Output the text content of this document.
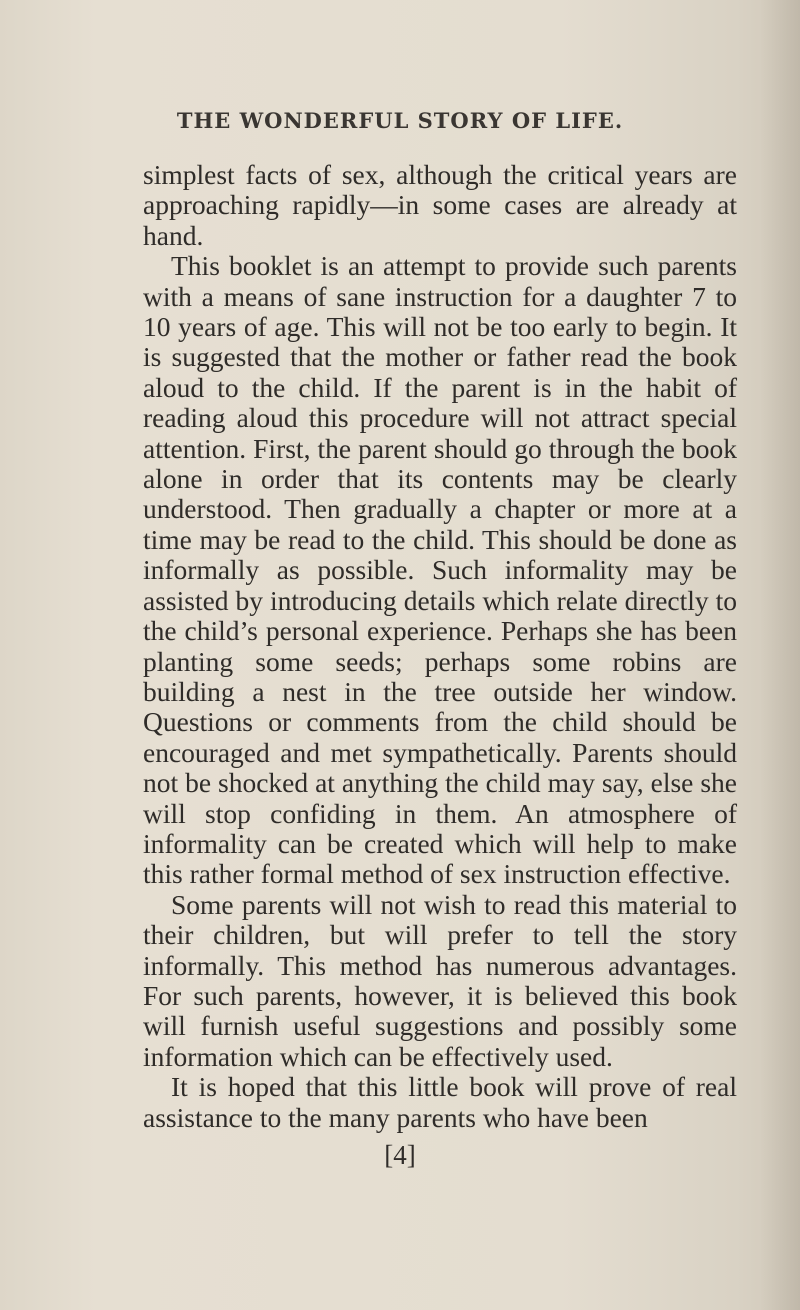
THE WONDERFUL STORY OF LIFE.

simplest facts of sex, although the critical years are approaching rapidly—in some cases are already at hand.

This booklet is an attempt to provide such parents with a means of sane instruction for a daughter 7 to 10 years of age. This will not be too early to begin. It is suggested that the mother or father read the book aloud to the child. If the parent is in the habit of reading aloud this procedure will not attract special attention. First, the parent should go through the book alone in order that its contents may be clearly understood. Then gradually a chapter or more at a time may be read to the child. This should be done as informally as possible. Such informality may be assisted by introducing details which relate directly to the child’s personal experience. Perhaps she has been planting some seeds; perhaps some robins are building a nest in the tree outside her window. Questions or comments from the child should be encouraged and met sympathetically. Parents should not be shocked at anything the child may say, else she will stop confiding in them. An atmosphere of informality can be created which will help to make this rather formal method of sex instruction effective.

Some parents will not wish to read this material to their children, but will prefer to tell the story informally. This method has numerous advantages. For such parents, however, it is believed this book will furnish useful suggestions and possibly some information which can be effectively used.

It is hoped that this little book will prove of real assistance to the many parents who have been

[4]
